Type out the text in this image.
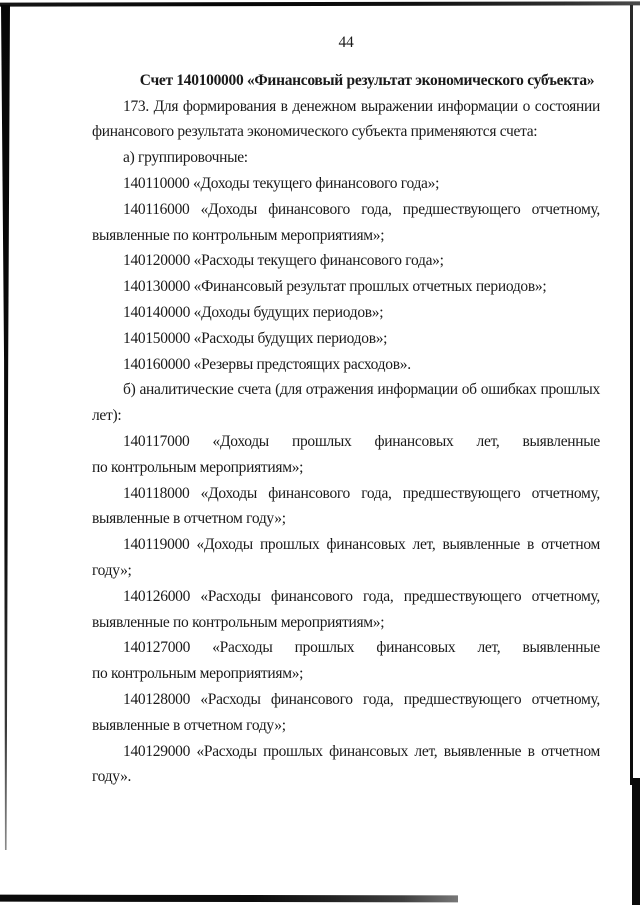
44

Счет 140100000 «Финансовый результат экономического субъекта»

173. Для формирования в денежном выражении информации о состоянии финансового результата экономического субъекта применяются счета:

а) группировочные:

140110000 «Доходы текущего финансового года»;

140116000 «Доходы финансового года, предшествующего отчетному, выявленные по контрольным мероприятиям»;

140120000 «Расходы текущего финансового года»;

140130000 «Финансовый результат прошлых отчетных периодов»;

140140000 «Доходы будущих периодов»;

140150000 «Расходы будущих периодов»;

140160000 «Резервы предстоящих расходов».

б) аналитические счета (для отражения информации об ошибках прошлых лет):

140117000 «Доходы прошлых финансовых лет, выявленные по контрольным мероприятиям»;

140118000 «Доходы финансового года, предшествующего отчетному, выявленные в отчетном году»;

140119000 «Доходы прошлых финансовых лет, выявленные в отчетном году»;

140126000 «Расходы финансового года, предшествующего отчетному, выявленные по контрольным мероприятиям»;

140127000 «Расходы прошлых финансовых лет, выявленные по контрольным мероприятиям»;

140128000 «Расходы финансового года, предшествующего отчетному, выявленные в отчетном году»;

140129000 «Расходы прошлых финансовых лет, выявленные в отчетном году».
